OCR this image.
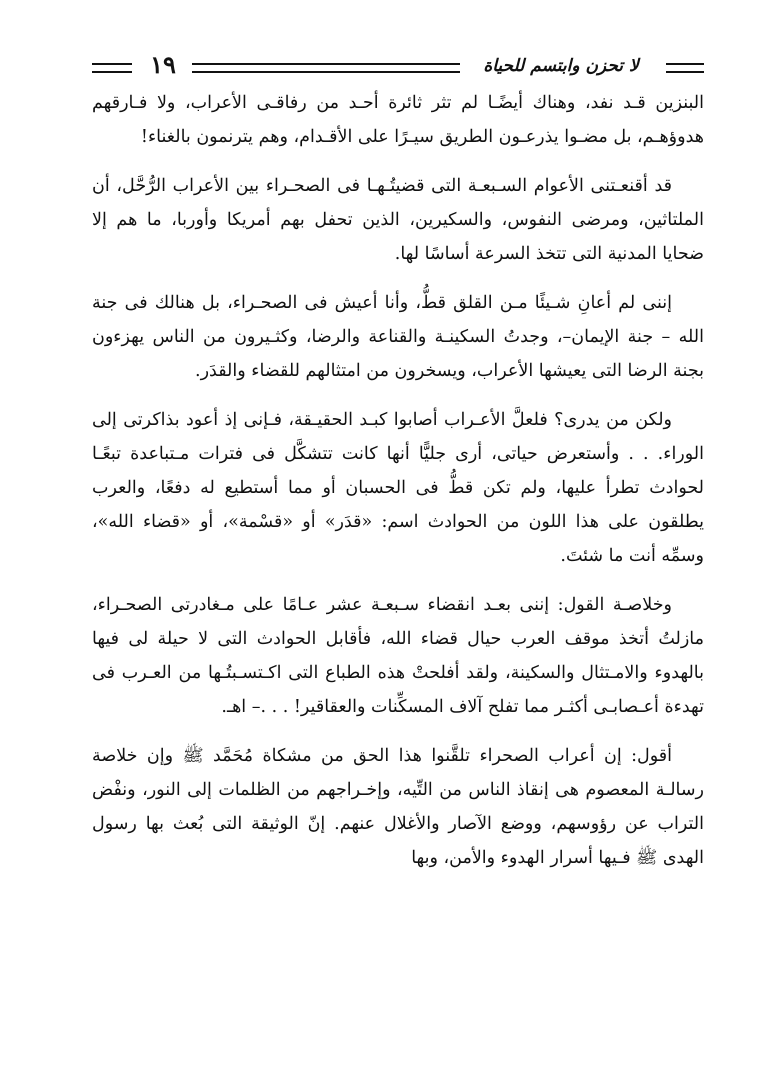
١٩	لا تحزن وابتسم للحياة

البنزين قـد نفد، وهناك أيضًـا لم تثر ثائرة أحـد من رفاقـى الأعراب، ولا فـارقهم هدوؤهـم، بل مضـوا يذرعـون الطريق سيـرًا على الأقـدام، وهم يترنمون بالغناء!

قد أقنعـتنى الأعوام السـبعـة التى قضيتُـهـا فى الصحـراء بين الأعراب الرُّحَّل، أن الملتاثين، ومرضى النفوس، والسكيرين، الذين تحفل بهم أمريكا وأوربا، ما هم إلا ضحايا المدنية التى تتخذ السرعة أساسًا لها.

إننى لم أعانِ شـيئًا مـن القلق قطُّ، وأنا أعيش فى الصحـراء، بل هنالك فى جنة الله – جنة الإيمان–، وجدتُ السكينـة والقناعة والرضا، وكثـيرون من الناس يهزءون بجنة الرضا التى يعيشها الأعراب، ويسخرون من امتثالهم للقضاء والقدَر.

ولكن من يدرى؟ فلعلَّ الأعـراب أصابوا كبـد الحقيـقة، فـإنى إذ أعود بذاكرتى إلى الوراء. . . وأستعرض حياتى، أرى جليًّا أنها كانت تتشكَّل فى فترات مـتباعدة تبعًـا لحوادث تطرأ عليها، ولم تكن قطُّ فى الحسبان أو مما أستطيع له دفعًا، والعرب يطلقون على هذا اللون من الحوادث اسم: «قدَر» أو «قسْمة»، أو «قضاء الله»، وسمِّه أنت ما شئتَ.

وخلاصـة القول: إننى بعـد انقضاء سـبعـة عشر عـامًا على مـغادرتى الصحـراء، مازلتُ أتخذ موقف العرب حيال قضاء الله، فأقابل الحوادث التى لا حيلة لى فيها بالهدوء والامـتثال والسكينة، ولقد أفلحتْ هذه الطباع التى اكـتسـبتُـها من العـرب فى تهدءة أعـصابـى أكثـر مما تفلح آلاف المسكِّنات والعقاقير! . . .– اهـ.

أقول: إن أعراب الصحراء تلقَّنوا هذا الحق من مشكاة مُحَمَّد ﷺ وإن خلاصة رسالـة المعصوم هى إنقاذ الناس من التِّيه، وإخـراجهم من الظلمات إلى النور، ونفْض التراب عن رؤوسهم، ووضع الآصار والأغلال عنهم. إنّ الوثيقة التى بُعث بها رسول الهدى ﷺ فـيها أسرار الهدوء والأمن، وبها
